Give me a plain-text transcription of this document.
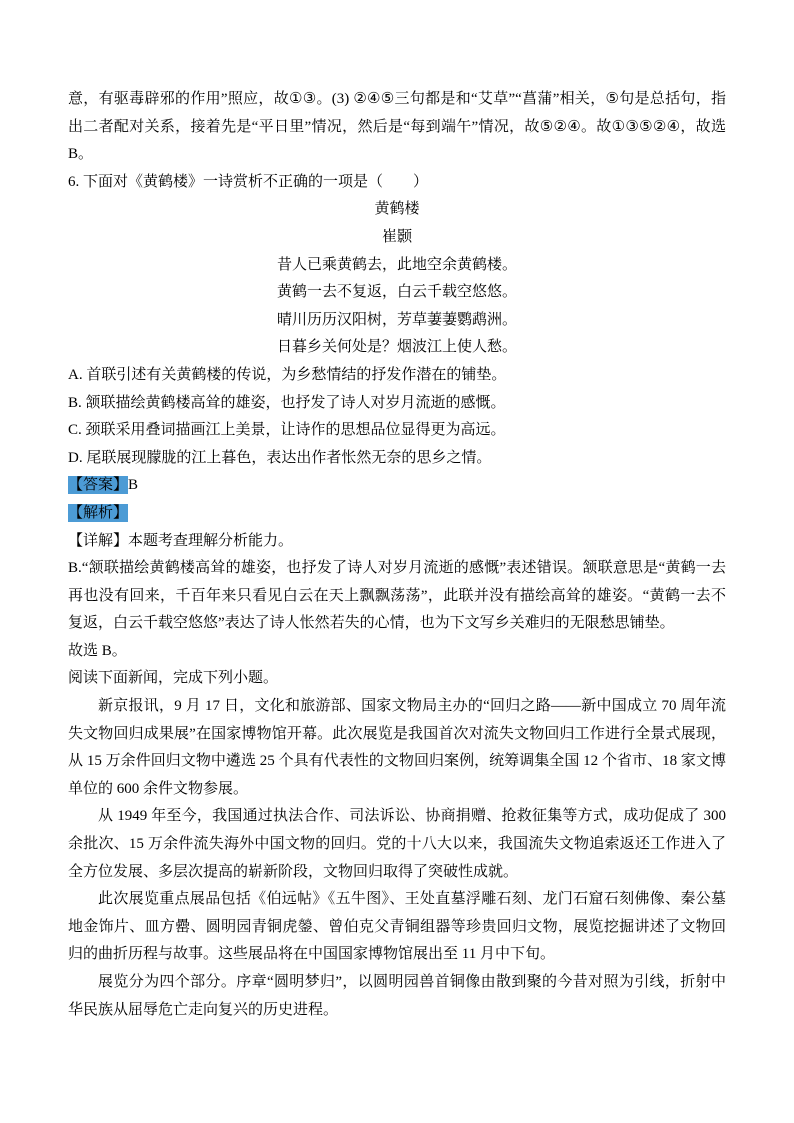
意，有驱毒辟邪的作用”照应，故①③。(3) ②④⑤三句都是和“艾草”“菖蒲”相关，⑤句是总括句，指出二者配对关系，接着先是“平日里”情况，然后是“每到端午”情况，故⑤②④。故①③⑤②④，故选 B。

6. 下面对《黄鹤楼》一诗赏析不正确的一项是（　　）

黄鹤楼

崔颢

昔人已乘黄鹤去，此地空余黄鹤楼。

黄鹤一去不复返，白云千载空悠悠。

晴川历历汉阳树，芳草萋萋鹦鹉洲。

日暮乡关何处是？烟波江上使人愁。

A. 首联引述有关黄鹤楼的传说，为乡愁情结的抒发作潜在的铺垫。

B. 颔联描绘黄鹤楼高耸的雄姿，也抒发了诗人对岁月流逝的感慨。

C. 颈联采用叠词描画江上美景，让诗作的思想品位显得更为高远。

D. 尾联展现朦胧的江上暮色，表达出作者怅然无奈的思乡之情。

【答案】B

【解析】

【详解】本题考查理解分析能力。

B.“颔联描绘黄鹤楼高耸的雄姿，也抒发了诗人对岁月流逝的感慨”表述错误。颔联意思是“黄鹤一去再也没有回来，千百年来只看见白云在天上飘飘荡荡”，此联并没有描绘高耸的雄姿。“黄鹤一去不复返，白云千载空悠悠”表达了诗人怅然若失的心情，也为下文写乡关难归的无限愁思铺垫。

故选 B。

阅读下面新闻，完成下列小题。

新京报讯，9 月 17 日，文化和旅游部、国家文物局主办的“回归之路——新中国成立 70 周年流失文物回归成果展”在国家博物馆开幕。此次展览是我国首次对流失文物回归工作进行全景式展现，从 15 万余件回归文物中遴选 25 个具有代表性的文物回归案例，统筹调集全国 12 个省市、18 家文博单位的 600 余件文物参展。

从 1949 年至今，我国通过执法合作、司法诉讼、协商捐赠、抢救征集等方式，成功促成了 300 余批次、15 万余件流失海外中国文物的回归。党的十八大以来，我国流失文物追索返还工作进入了全方位发展、多层次提高的崭新阶段，文物回归取得了突破性成就。

此次展览重点展品包括《伯远帖》《五牛图》、王处直墓浮雕石刻、龙门石窟石刻佛像、秦公墓地金饰片、皿方罍、圆明园青铜虎鎣、曾伯克父青铜组器等珍贵回归文物，展览挖掘讲述了文物回归的曲折历程与故事。这些展品将在中国国家博物馆展出至 11 月中下旬。

展览分为四个部分。序章“圆明梦归”，以圆明园兽首铜像由散到聚的今昔对照为引线，折射中华民族从屈辱危亡走向复兴的历史进程。
